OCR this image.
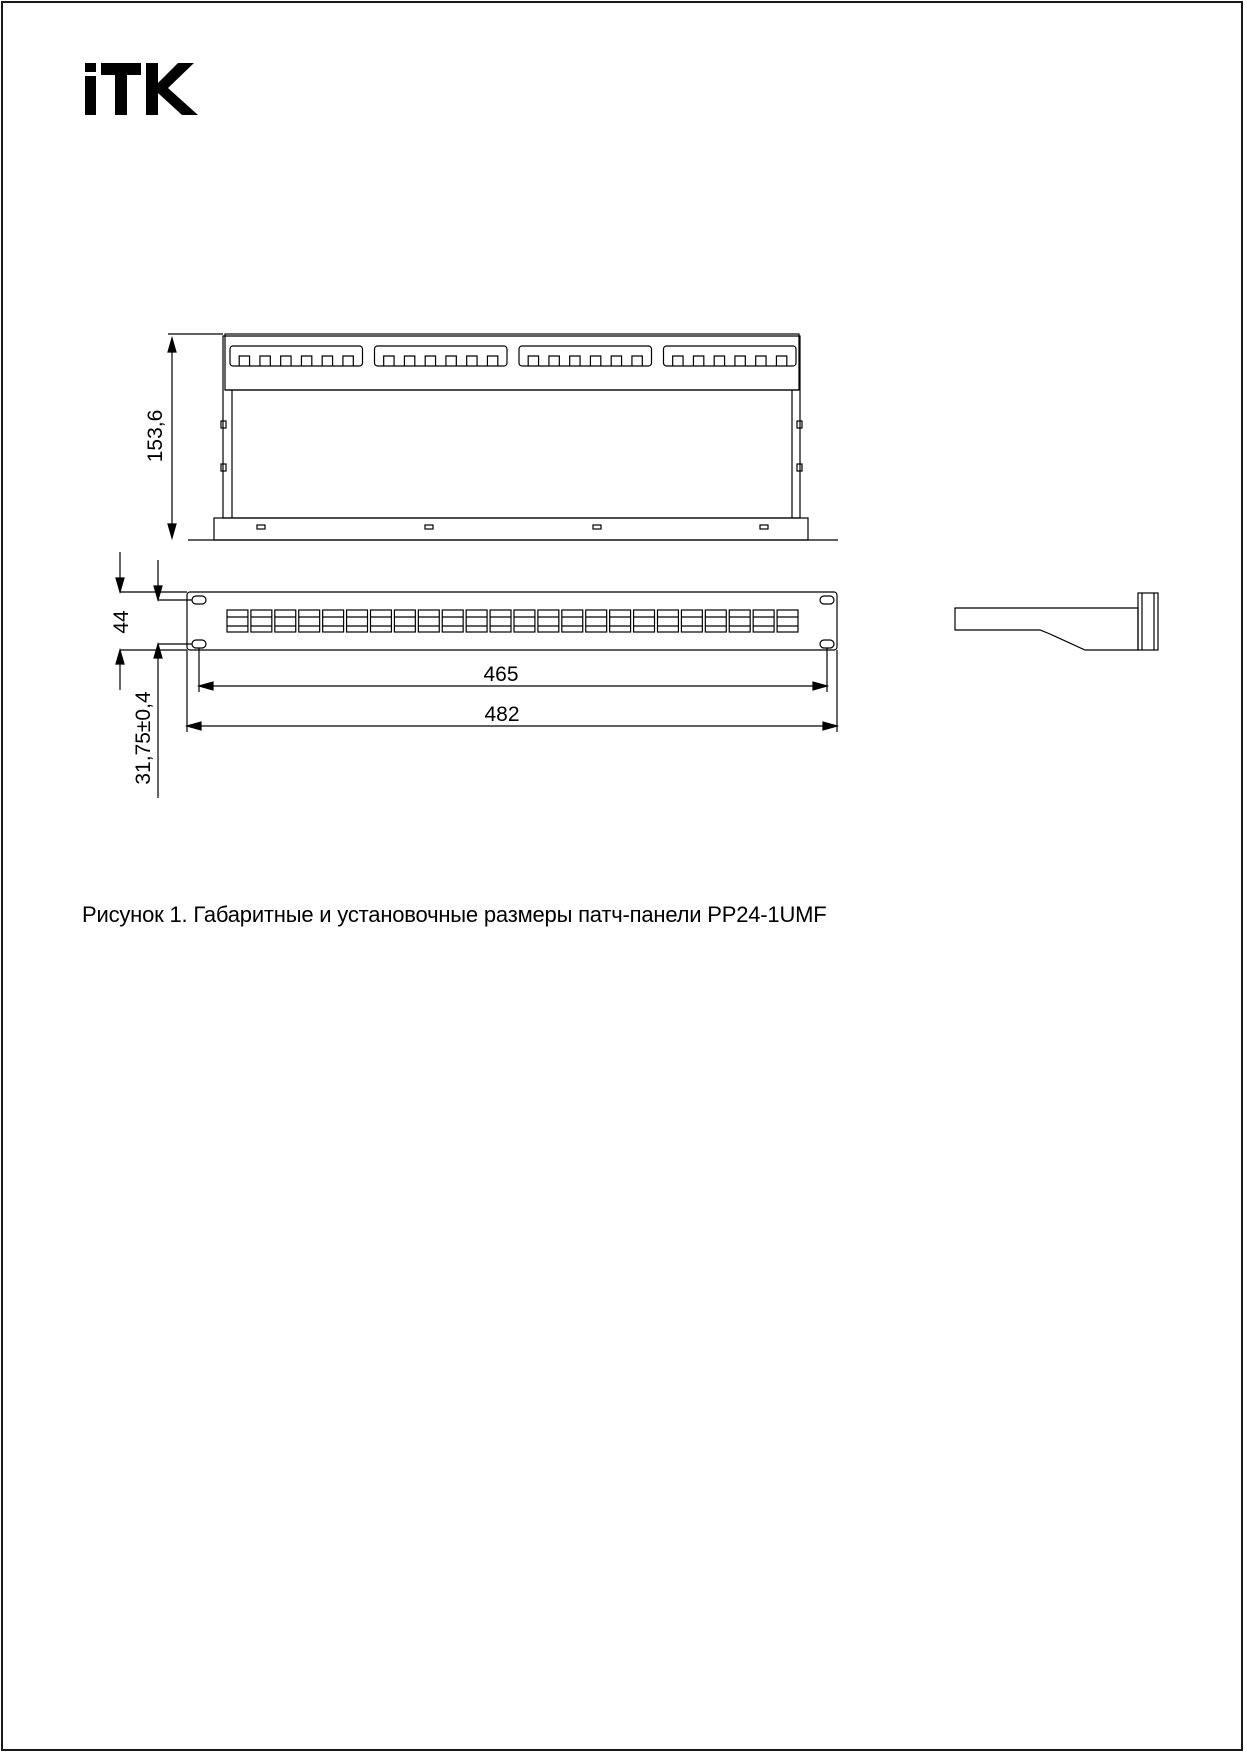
153,6
44
31,75±0,4
465
482

Рисунок 1. Габаритные и установочные размеры патч-панели PP24-1UMF
